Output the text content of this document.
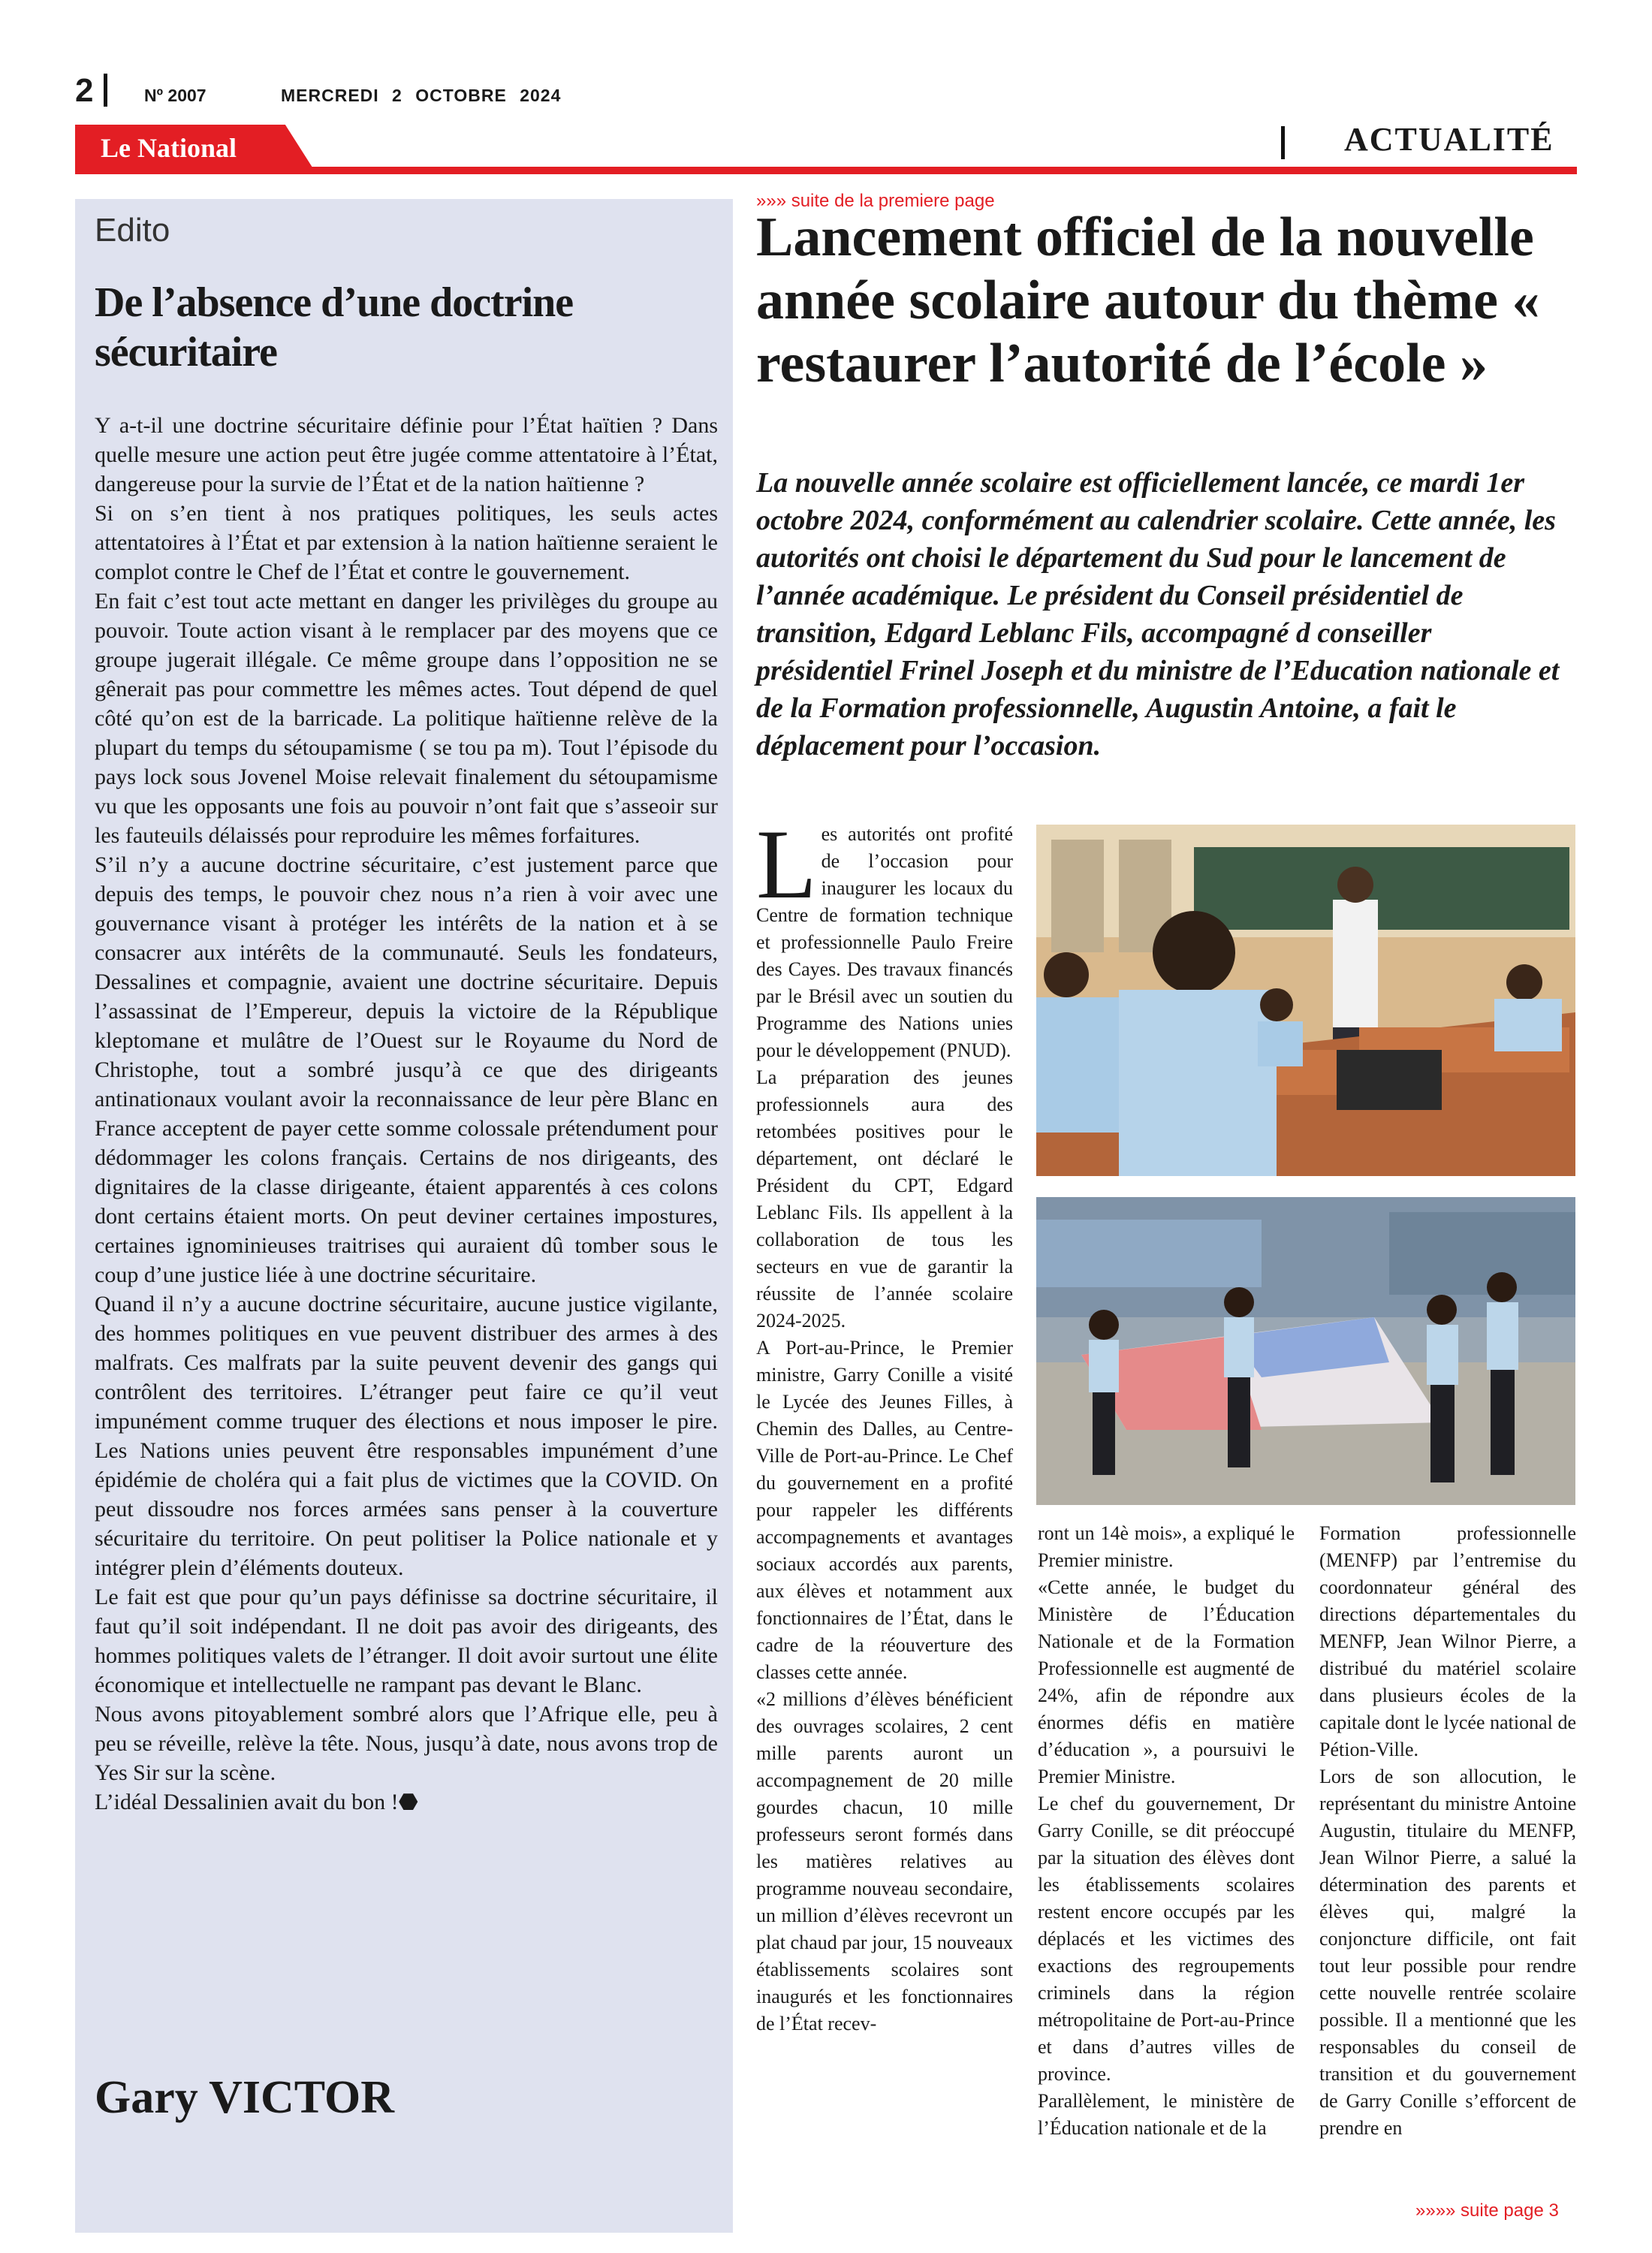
2	Nº 2007	MERCREDI 2 OCTOBRE 2024
Le National	ACTUALITÉ
Edito
De l’absence d’une doctrine sécuritaire

Y a-t-il une doctrine sécuritaire définie pour l’État haïtien ? Dans quelle mesure une action peut être jugée comme attentatoire à l’État, dangereuse pour la survie de l’État et de la nation haïtienne ?

Si on s’en tient à nos pratiques politiques, les seuls actes attentatoires à l’État et par extension à la nation haïtienne seraient le complot contre le Chef de l’État et contre le gouvernement.

En fait c’est tout acte mettant en danger les privilèges du groupe au pouvoir. Toute action visant à le remplacer par des moyens que ce groupe jugerait illégale. Ce même groupe dans l’opposition ne se gênerait pas pour commettre les mêmes actes. Tout dépend de quel côté qu’on est de la barricade. La politique haïtienne relève de la plupart du temps du sétoupamisme ( se tou pa m). Tout l’épisode du pays lock sous Jovenel Moise relevait finalement du sétoupamisme vu que les opposants une fois au pouvoir n’ont fait que s’asseoir sur les fauteuils délaissés pour reproduire les mêmes forfaitures.

S’il n’y a aucune doctrine sécuritaire, c’est justement parce que depuis des temps, le pouvoir chez nous n’a rien à voir avec une gouvernance visant à protéger les intérêts de la nation et à se consacrer aux intérêts de la communauté. Seuls les fondateurs, Dessalines et compagnie, avaient une doctrine sécuritaire. Depuis l’assassinat de l’Empereur, depuis la victoire de la République kleptomane et mulâtre de l’Ouest sur le Royaume du Nord de Christophe, tout a sombré jusqu’à ce que des dirigeants antinationaux voulant avoir la reconnaissance de leur père Blanc en France acceptent de payer cette somme colossale prétendument pour dédommager les colons français. Certains de nos dirigeants, des dignitaires de la classe dirigeante, étaient apparentés à ces colons dont certains étaient morts. On peut deviner certaines impostures, certaines ignominieuses traitrises qui auraient dû tomber sous le coup d’une justice liée à une doctrine sécuritaire.

Quand il n’y a aucune doctrine sécuritaire, aucune justice vigilante, des hommes politiques en vue peuvent distribuer des armes à des malfrats. Ces malfrats par la suite peuvent devenir des gangs qui contrôlent des territoires. L’étranger peut faire ce qu’il veut impunément comme truquer des élections et nous imposer le pire. Les Nations unies peuvent être responsables impunément d’une épidémie de choléra qui a fait plus de victimes que la COVID. On peut dissoudre nos forces armées sans penser à la couverture sécuritaire du territoire. On peut politiser la Police nationale et y intégrer plein d’éléments douteux.

Le fait est que pour qu’un pays définisse sa doctrine sécuritaire, il faut qu’il soit indépendant. Il ne doit pas avoir des dirigeants, des hommes politiques valets de l’étranger. Il doit avoir surtout une élite économique et intellectuelle ne rampant pas devant le Blanc.

Nous avons pitoyablement sombré alors que l’Afrique elle, peu à peu se réveille, relève la tête. Nous, jusqu’à date, nous avons trop de Yes Sir sur la scène.

L’idéal Dessalinien avait du bon !⬣

Gary VICTOR
»»» suite de la premiere page
Lancement officiel de la nouvelle année scolaire autour du thème « restaurer l’autorité de l’école »
La nouvelle année scolaire est officiellement lancée, ce mardi 1er octobre 2024, conformément au calendrier scolaire. Cette année, les autorités ont choisi le département du Sud pour le lancement de l’année académique. Le président du Conseil présidentiel de transition, Edgard Leblanc Fils, accompagné d conseiller présidentiel Frinel Joseph et du ministre de l’Education nationale et de la Formation professionnelle, Augustin Antoine, a fait le déplacement pour l’occasion.

Les autorités ont profité de l’occasion pour inaugurer les locaux du Centre de formation technique et professionnelle Paulo Freire des Cayes. Des travaux financés par le Brésil avec un soutien du Programme des Nations unies pour le développement (PNUD).

La préparation des jeunes professionnels aura des retombées positives pour le département, ont déclaré le Président du CPT, Edgard Leblanc Fils. Ils appellent à la collaboration de tous les secteurs en vue de garantir la réussite de l’année scolaire 2024-2025.

A Port-au-Prince, le Premier ministre, Garry Conille a visité le Lycée des Jeunes Filles, à Chemin des Dalles, au Centre-Ville de Port-au-Prince. Le Chef du gouvernement en a profité pour rappeler les différents accompagnements et avantages sociaux accordés aux parents, aux élèves et notamment aux fonctionnaires de l’État, dans le cadre de la réouverture des classes cette année.

«2 millions d’élèves bénéficient des ouvrages scolaires, 2 cent mille parents auront un accompagnement de 20 mille gourdes chacun, 10 mille professeurs seront formés dans les matières relatives au programme nouveau secondaire, un million d’élèves recevront un plat chaud par jour, 15 nouveaux établissements scolaires sont inaugurés et les fonctionnaires de l’État recev-

ront un 14è mois», a expliqué le Premier ministre.

«Cette année, le budget du Ministère de l’Éducation Nationale et de la Formation Professionnelle est augmenté de 24%, afin de répondre aux énormes défis en matière d’éducation », a poursuivi le Premier Ministre.

Le chef du gouvernement, Dr Garry Conille, se dit préoccupé par la situation des élèves dont les établissements scolaires restent encore occupés par les déplacés et les victimes des exactions des regroupements criminels dans la région métropolitaine de Port-au-Prince et dans d’autres villes de province.

Parallèlement, le ministère de l’Éducation nationale et de la

Formation professionnelle (MENFP) par l’entremise du coordonnateur général des directions départementales du MENFP, Jean Wilnor Pierre, a distribué du matériel scolaire dans plusieurs écoles de la capitale dont le lycée national de Pétion-Ville.

Lors de son allocution, le représentant du ministre Antoine Augustin, titulaire du MENFP, Jean Wilnor Pierre, a salué la détermination des parents et élèves qui, malgré la conjoncture difficile, ont fait tout leur possible pour rendre cette nouvelle rentrée scolaire possible. Il a mentionné que les responsables du conseil de transition et du gouvernement de Garry Conille s’efforcent de prendre en

»»»» suite page 3
